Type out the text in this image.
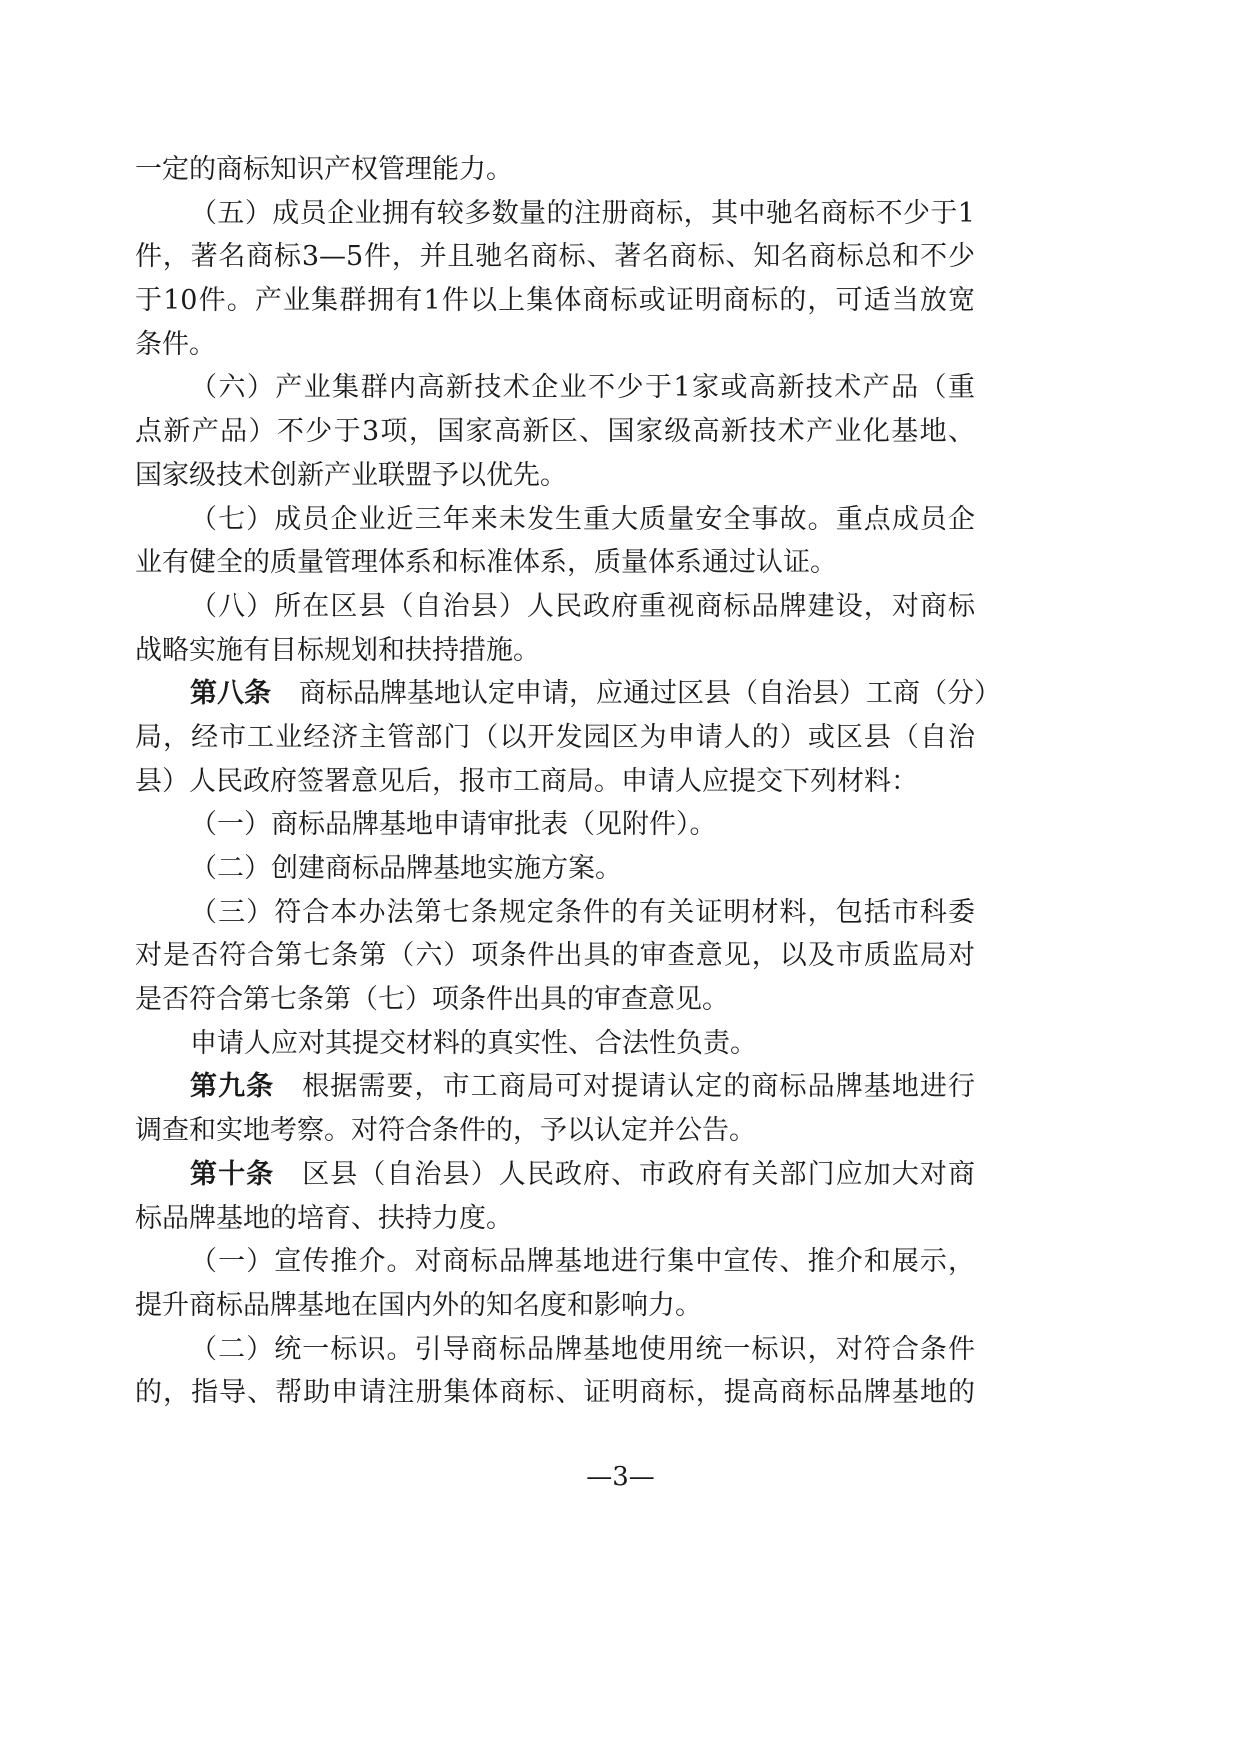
一定的商标知识产权管理能力。
（五）成员企业拥有较多数量的注册商标，其中驰名商标不少于1
件，著名商标3—5件，并且驰名商标、著名商标、知名商标总和不少
于10件。产业集群拥有1件以上集体商标或证明商标的，可适当放宽
条件。
（六）产业集群内高新技术企业不少于1家或高新技术产品（重
点新产品）不少于3项，国家高新区、国家级高新技术产业化基地、
国家级技术创新产业联盟予以优先。
（七）成员企业近三年来未发生重大质量安全事故。重点成员企
业有健全的质量管理体系和标准体系，质量体系通过认证。
（八）所在区县（自治县）人民政府重视商标品牌建设，对商标
战略实施有目标规划和扶持措施。
第八条 商标品牌基地认定申请，应通过区县（自治县）工商（分）
局，经市工业经济主管部门（以开发园区为申请人的）或区县（自治
县）人民政府签署意见后，报市工商局。申请人应提交下列材料：
（一）商标品牌基地申请审批表（见附件）。
（二）创建商标品牌基地实施方案。
（三）符合本办法第七条规定条件的有关证明材料，包括市科委
对是否符合第七条第（六）项条件出具的审查意见，以及市质监局对
是否符合第七条第（七）项条件出具的审查意见。
申请人应对其提交材料的真实性、合法性负责。
第九条 根据需要，市工商局可对提请认定的商标品牌基地进行
调查和实地考察。对符合条件的，予以认定并公告。
第十条 区县（自治县）人民政府、市政府有关部门应加大对商
标品牌基地的培育、扶持力度。
（一）宣传推介。对商标品牌基地进行集中宣传、推介和展示，
提升商标品牌基地在国内外的知名度和影响力。
（二）统一标识。引导商标品牌基地使用统一标识，对符合条件
的，指导、帮助申请注册集体商标、证明商标，提高商标品牌基地的
—3—
